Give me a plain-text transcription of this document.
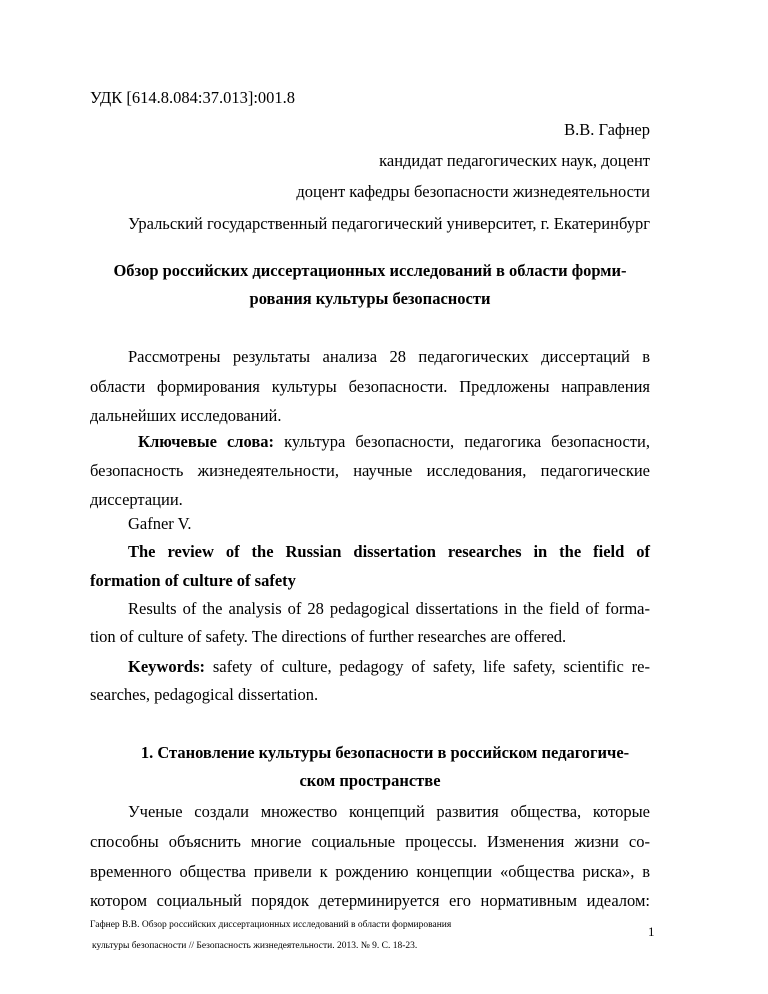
УДК [614.8.084:37.013]:001.8
В.В. Гафнер
кандидат педагогических наук, доцент
доцент кафедры безопасности жизнедеятельности
Уральский государственный педагогический университет, г. Екатеринбург
Обзор российских диссертационных исследований в области форми-
рования культуры безопасности
Рассмотрены результаты анализа 28 педагогических диссертаций в
области формирования культуры безопасности. Предложены направления
дальнейших исследований.
Ключевые слова: культура безопасности, педагогика безопасности,
безопасность жизнедеятельности, научные исследования, педагогические
диссертации.
Gafner V.
The review of the Russian dissertation researches in the field of
formation of culture of safety
Results of the analysis of 28 pedagogical dissertations in the field of forma-
tion of culture of safety. The directions of further researches are offered.
Keywords: safety of culture, pedagogy of safety, life safety, scientific re-
searches, pedagogical dissertation.
1. Становление культуры безопасности в российском педагогиче-
ском пространстве
Ученые создали множество концепций развития общества, которые
способны объяснить многие социальные процессы. Изменения жизни со-
временного общества привели к рождению концепции «общества риска», в
котором социальный порядок детерминируется его нормативным идеалом:
Гафнер В.В. Обзор российских диссертационных исследований в области формирования
культуры безопасности // Безопасность жизнедеятельности. 2013. № 9. С. 18-23.
1
